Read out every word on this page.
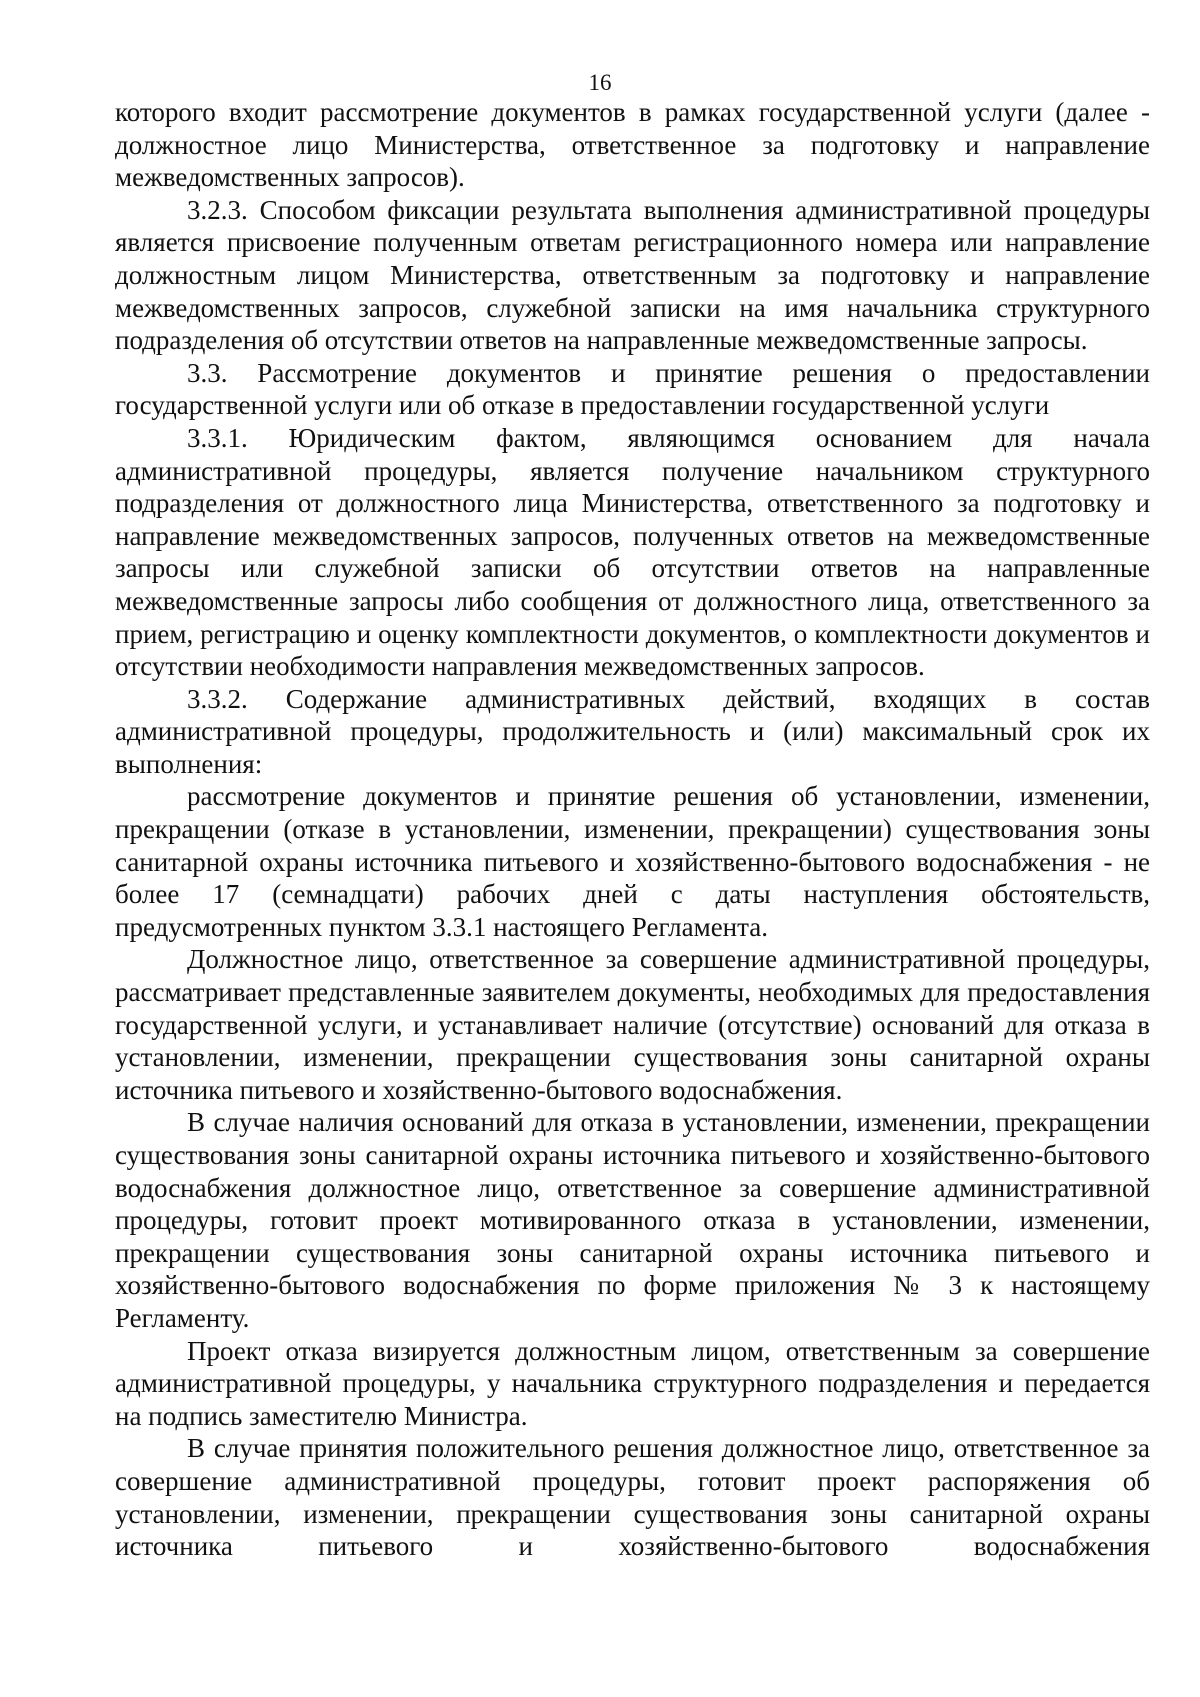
16

которого входит рассмотрение документов в рамках государственной услуги (далее - должностное лицо Министерства, ответственное за подготовку и направление межведомственных запросов).

3.2.3. Способом фиксации результата выполнения административной процедуры является присвоение полученным ответам регистрационного номера или направление должностным лицом Министерства, ответственным за подготовку и направление межведомственных запросов, служебной записки на имя начальника структурного подразделения об отсутствии ответов на направленные межведомственные запросы.

3.3. Рассмотрение документов и принятие решения о предоставлении государственной услуги или об отказе в предоставлении государственной услуги

3.3.1. Юридическим фактом, являющимся основанием для начала административной процедуры, является получение начальником структурного подразделения от должностного лица Министерства, ответственного за подготовку и направление межведомственных запросов, полученных ответов на межведомственные запросы или служебной записки об отсутствии ответов на направленные межведомственные запросы либо сообщения от должностного лица, ответственного за прием, регистрацию и оценку комплектности документов, о комплектности документов и отсутствии необходимости направления межведомственных запросов.

3.3.2. Содержание административных действий, входящих в состав административной процедуры, продолжительность и (или) максимальный срок их выполнения:

рассмотрение документов и принятие решения об установлении, изменении, прекращении (отказе в установлении, изменении, прекращении) существования зоны санитарной охраны источника питьевого и хозяйственно-бытового водоснабжения - не более 17 (семнадцати) рабочих дней с даты наступления обстоятельств, предусмотренных пунктом 3.3.1 настоящего Регламента.

Должностное лицо, ответственное за совершение административной процедуры, рассматривает представленные заявителем документы, необходимых для предоставления государственной услуги, и устанавливает наличие (отсутствие) оснований для отказа в установлении, изменении, прекращении существования зоны санитарной охраны источника питьевого и хозяйственно-бытового водоснабжения.

В случае наличия оснований для отказа в установлении, изменении, прекращении существования зоны санитарной охраны источника питьевого и хозяйственно-бытового водоснабжения должностное лицо, ответственное за совершение административной процедуры, готовит проект мотивированного отказа в установлении, изменении, прекращении существования зоны санитарной охраны источника питьевого и хозяйственно-бытового водоснабжения по форме приложения № 3 к настоящему Регламенту.

Проект отказа визируется должностным лицом, ответственным за совершение административной процедуры, у начальника структурного подразделения и передается на подпись заместителю Министра.

В случае принятия положительного решения должностное лицо, ответственное за совершение административной процедуры, готовит проект распоряжения об установлении, изменении, прекращении существования зоны санитарной охраны источника питьевого и хозяйственно-бытового водоснабжения
